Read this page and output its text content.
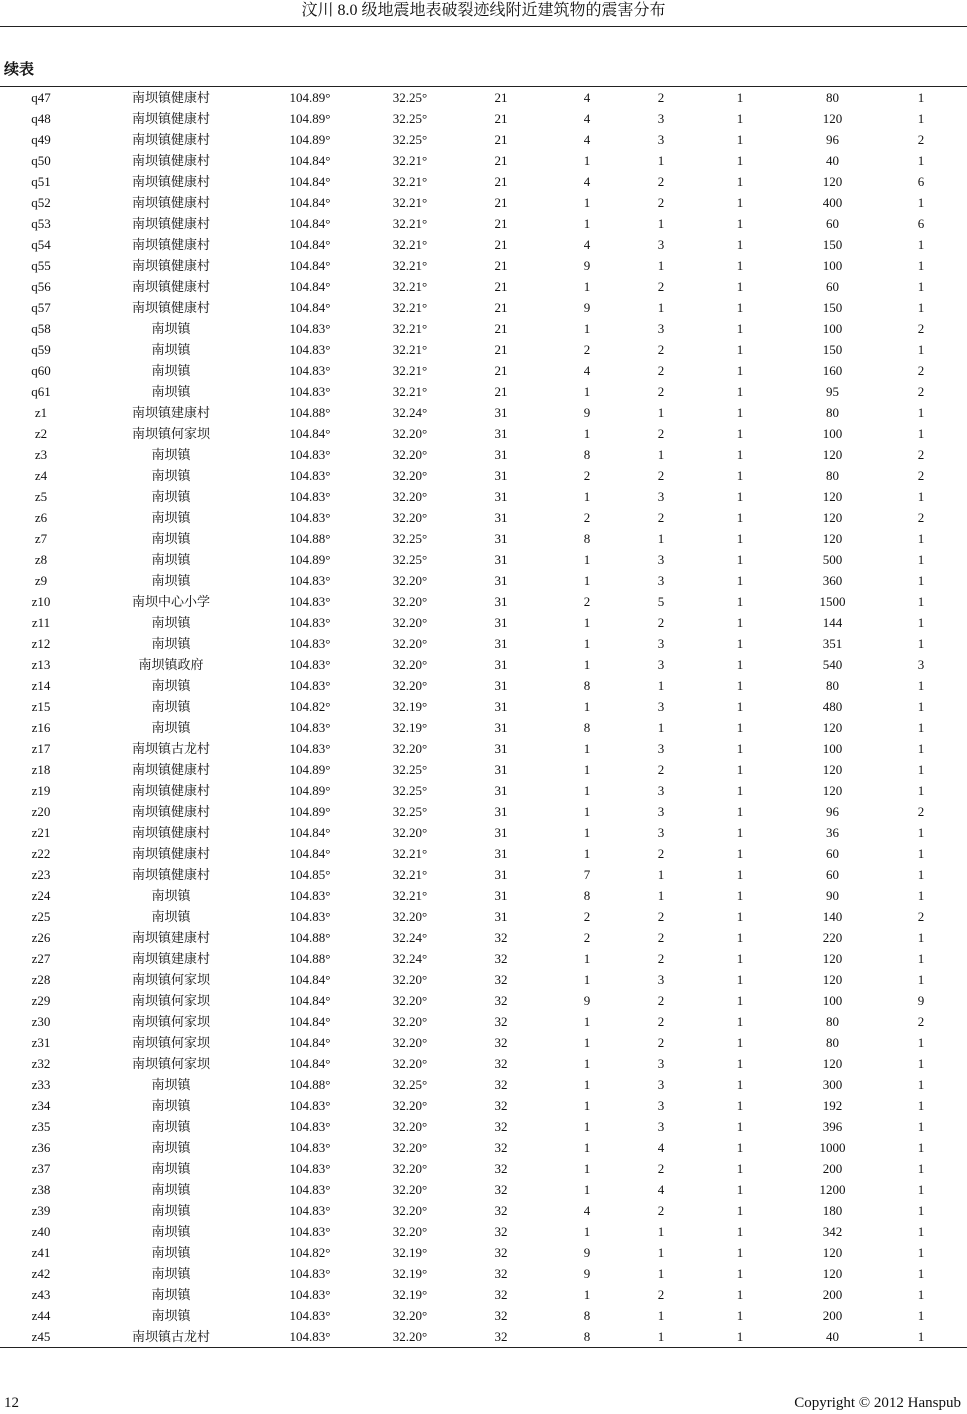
汶川 8.0 级地震地表破裂迹线附近建筑物的震害分布
续表
q47	南坝镇健康村	104.89°	32.25°	21	4	2	1	80	1
q48	南坝镇健康村	104.89°	32.25°	21	4	3	1	120	1
q49	南坝镇健康村	104.89°	32.25°	21	4	3	1	96	2
q50	南坝镇健康村	104.84°	32.21°	21	1	1	1	40	1
q51	南坝镇健康村	104.84°	32.21°	21	4	2	1	120	6
q52	南坝镇健康村	104.84°	32.21°	21	1	2	1	400	1
q53	南坝镇健康村	104.84°	32.21°	21	1	1	1	60	6
q54	南坝镇健康村	104.84°	32.21°	21	4	3	1	150	1
q55	南坝镇健康村	104.84°	32.21°	21	9	1	1	100	1
q56	南坝镇健康村	104.84°	32.21°	21	1	2	1	60	1
q57	南坝镇健康村	104.84°	32.21°	21	9	1	1	150	1
q58	南坝镇	104.83°	32.21°	21	1	3	1	100	2
q59	南坝镇	104.83°	32.21°	21	2	2	1	150	1
q60	南坝镇	104.83°	32.21°	21	4	2	1	160	2
q61	南坝镇	104.83°	32.21°	21	1	2	1	95	2
z1	南坝镇建康村	104.88°	32.24°	31	9	1	1	80	1
z2	南坝镇何家坝	104.84°	32.20°	31	1	2	1	100	1
z3	南坝镇	104.83°	32.20°	31	8	1	1	120	2
z4	南坝镇	104.83°	32.20°	31	2	2	1	80	2
z5	南坝镇	104.83°	32.20°	31	1	3	1	120	1
z6	南坝镇	104.83°	32.20°	31	2	2	1	120	2
z7	南坝镇	104.88°	32.25°	31	8	1	1	120	1
z8	南坝镇	104.89°	32.25°	31	1	3	1	500	1
z9	南坝镇	104.83°	32.20°	31	1	3	1	360	1
z10	南坝中心小学	104.83°	32.20°	31	2	5	1	1500	1
z11	南坝镇	104.83°	32.20°	31	1	2	1	144	1
z12	南坝镇	104.83°	32.20°	31	1	3	1	351	1
z13	南坝镇政府	104.83°	32.20°	31	1	3	1	540	3
z14	南坝镇	104.83°	32.20°	31	8	1	1	80	1
z15	南坝镇	104.82°	32.19°	31	1	3	1	480	1
z16	南坝镇	104.83°	32.19°	31	8	1	1	120	1
z17	南坝镇古龙村	104.83°	32.20°	31	1	3	1	100	1
z18	南坝镇健康村	104.89°	32.25°	31	1	2	1	120	1
z19	南坝镇健康村	104.89°	32.25°	31	1	3	1	120	1
z20	南坝镇健康村	104.89°	32.25°	31	1	3	1	96	2
z21	南坝镇健康村	104.84°	32.20°	31	1	3	1	36	1
z22	南坝镇健康村	104.84°	32.21°	31	1	2	1	60	1
z23	南坝镇健康村	104.85°	32.21°	31	7	1	1	60	1
z24	南坝镇	104.83°	32.21°	31	8	1	1	90	1
z25	南坝镇	104.83°	32.20°	31	2	2	1	140	2
z26	南坝镇建康村	104.88°	32.24°	32	2	2	1	220	1
z27	南坝镇建康村	104.88°	32.24°	32	1	2	1	120	1
z28	南坝镇何家坝	104.84°	32.20°	32	1	3	1	120	1
z29	南坝镇何家坝	104.84°	32.20°	32	9	2	1	100	9
z30	南坝镇何家坝	104.84°	32.20°	32	1	2	1	80	2
z31	南坝镇何家坝	104.84°	32.20°	32	1	2	1	80	1
z32	南坝镇何家坝	104.84°	32.20°	32	1	3	1	120	1
z33	南坝镇	104.88°	32.25°	32	1	3	1	300	1
z34	南坝镇	104.83°	32.20°	32	1	3	1	192	1
z35	南坝镇	104.83°	32.20°	32	1	3	1	396	1
z36	南坝镇	104.83°	32.20°	32	1	4	1	1000	1
z37	南坝镇	104.83°	32.20°	32	1	2	1	200	1
z38	南坝镇	104.83°	32.20°	32	1	4	1	1200	1
z39	南坝镇	104.83°	32.20°	32	4	2	1	180	1
z40	南坝镇	104.83°	32.20°	32	1	1	1	342	1
z41	南坝镇	104.82°	32.19°	32	9	1	1	120	1
z42	南坝镇	104.83°	32.19°	32	9	1	1	120	1
z43	南坝镇	104.83°	32.19°	32	1	2	1	200	1
z44	南坝镇	104.83°	32.20°	32	8	1	1	200	1
z45	南坝镇古龙村	104.83°	32.20°	32	8	1	1	40	1
12	Copyright © 2012 Hanspub
